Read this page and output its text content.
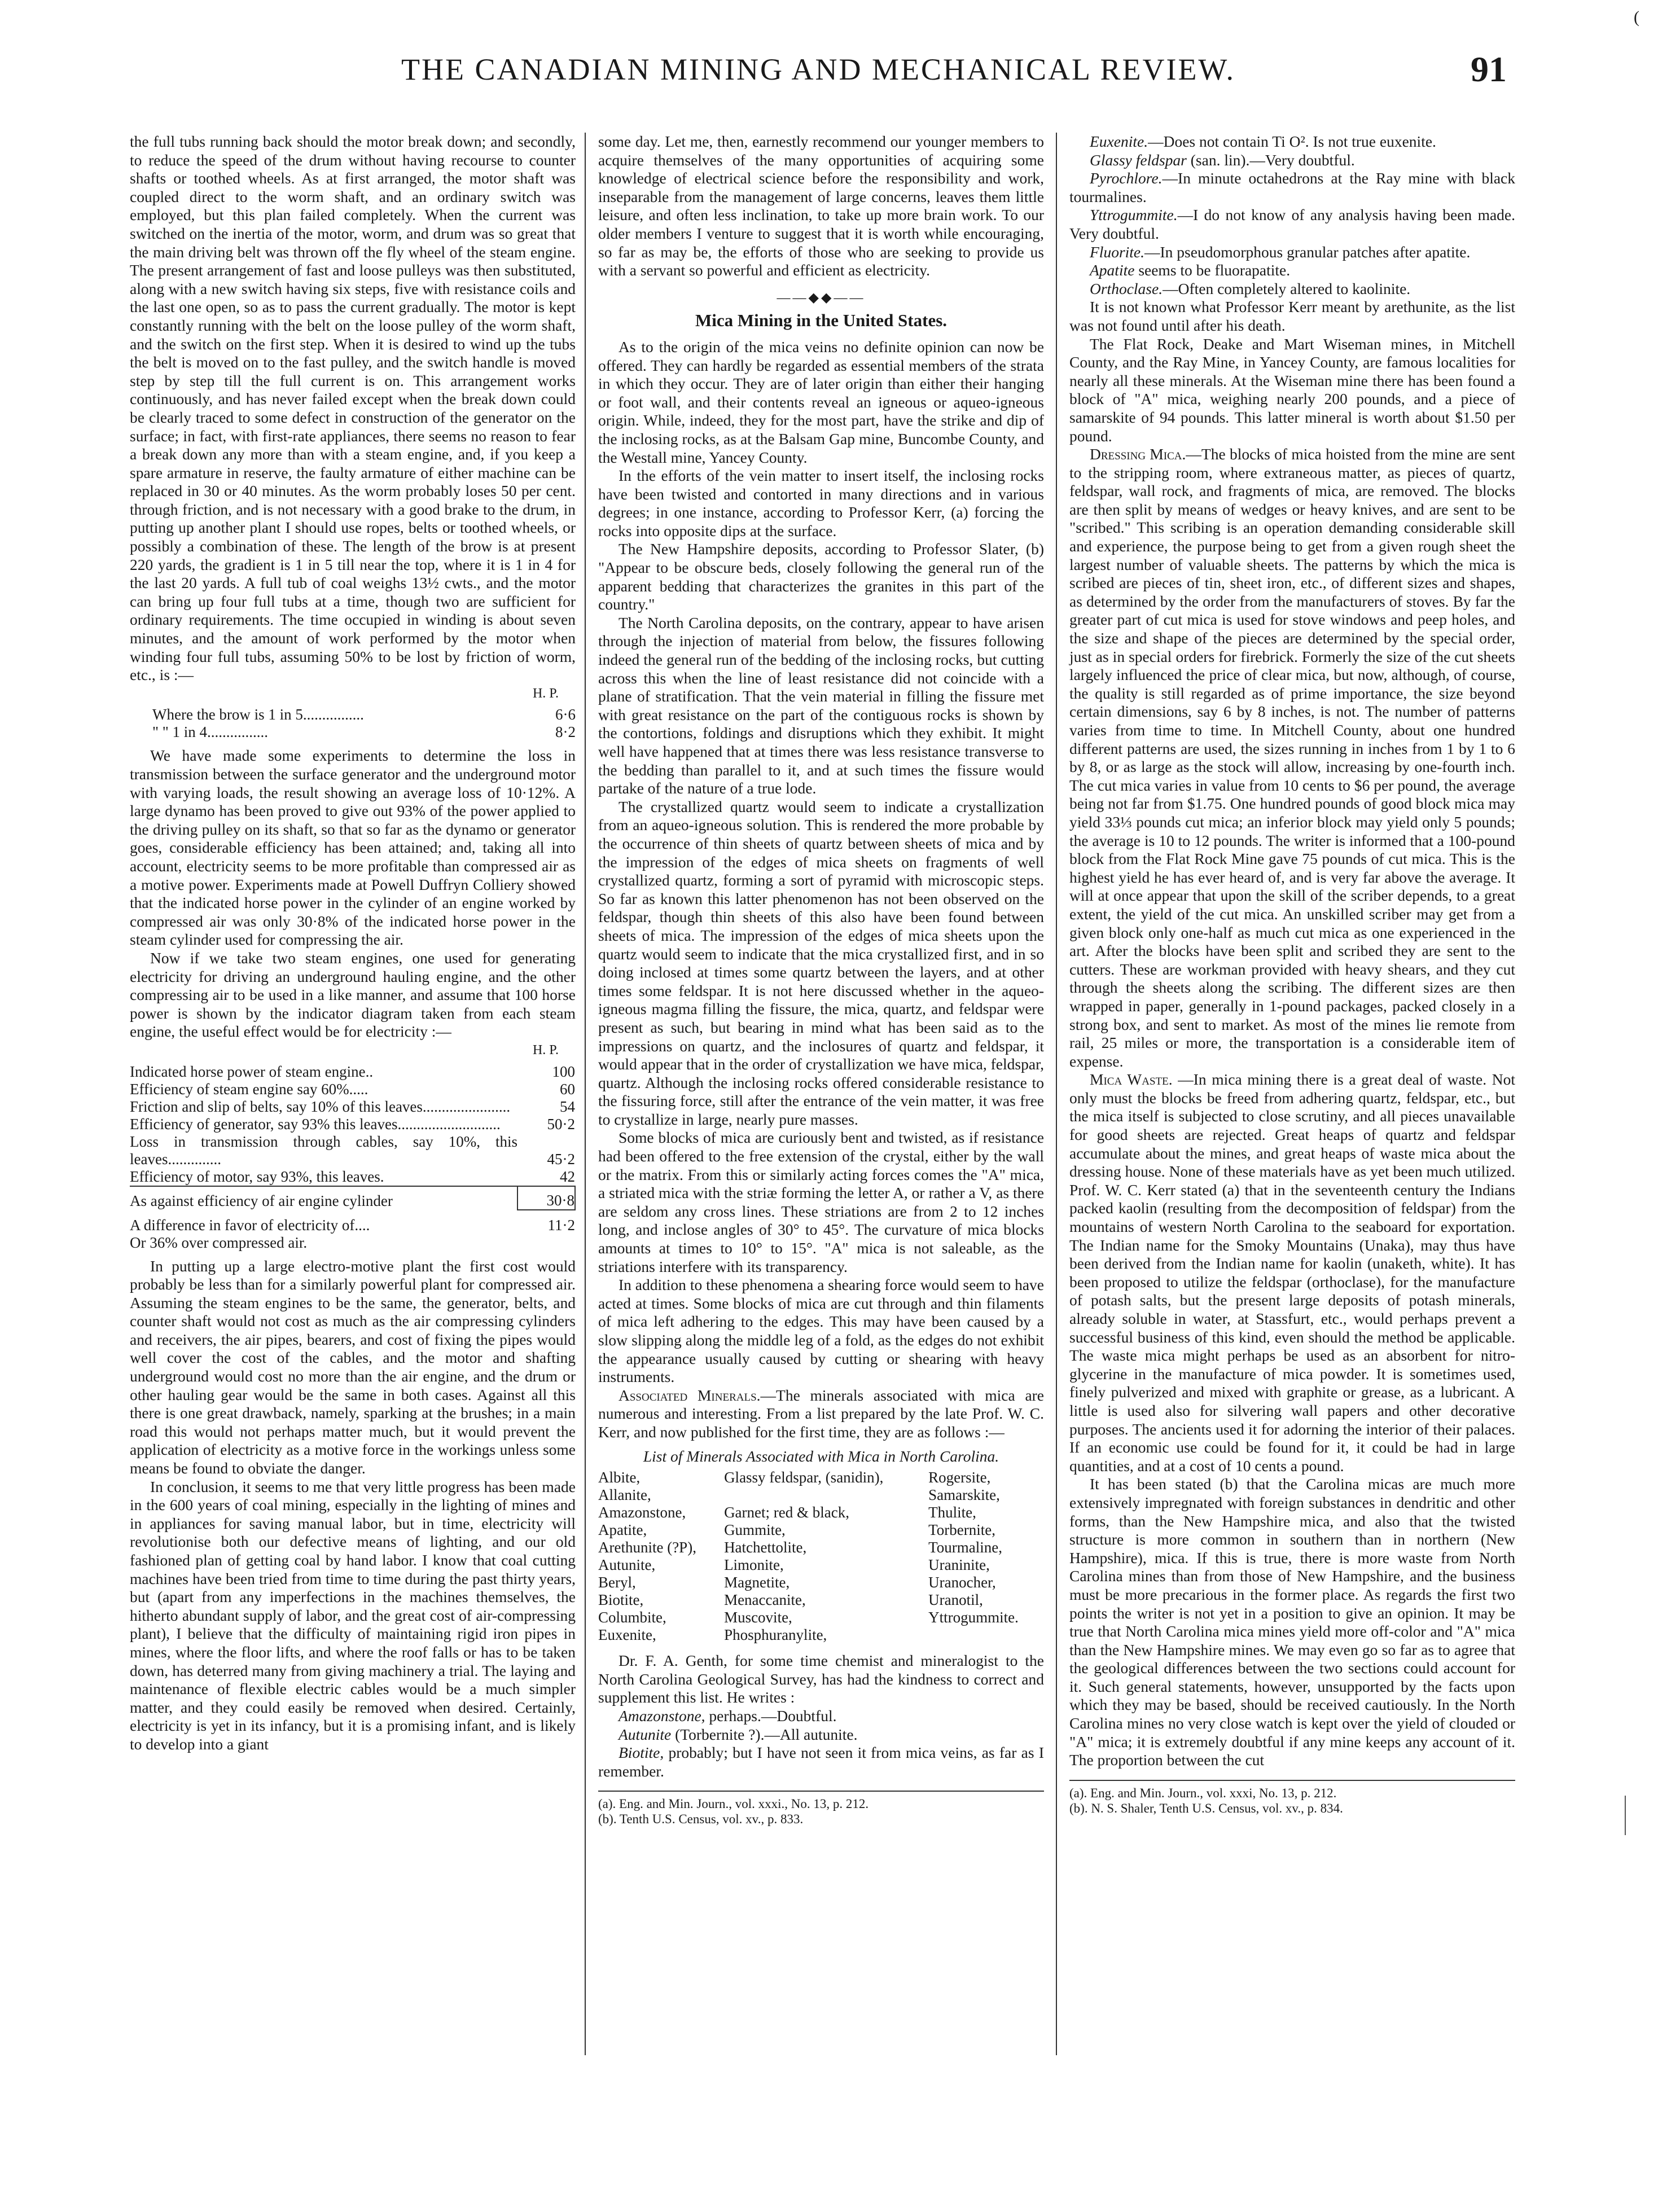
(
THE CANADIAN MINING AND MECHANICAL REVIEW.	91

the full tubs running back should the motor break down; and secondly, to reduce the speed of the drum without having recourse to counter shafts or toothed wheels. As at first arranged, the motor shaft was coupled direct to the worm shaft, and an ordinary switch was employed, but this plan failed completely. When the current was switched on the inertia of the motor, worm, and drum was so great that the main driving belt was thrown off the fly wheel of the steam engine. The present arrangement of fast and loose pulleys was then substituted, along with a new switch having six steps, five with resistance coils and the last one open, so as to pass the current gradually. The motor is kept constantly running with the belt on the loose pulley of the worm shaft, and the switch on the first step. When it is desired to wind up the tubs the belt is moved on to the fast pulley, and the switch handle is moved step by step till the full current is on. This arrangement works continuously, and has never failed except when the break down could be clearly traced to some defect in construction of the generator on the surface; in fact, with first-rate appliances, there seems no reason to fear a break down any more than with a steam engine, and, if you keep a spare armature in reserve, the faulty armature of either machine can be replaced in 30 or 40 minutes. As the worm probably loses 50 per cent. through friction, and is not necessary with a good brake to the drum, in putting up another plant I should use ropes, belts or toothed wheels, or possibly a combination of these. The length of the brow is at present 220 yards, the gradient is 1 in 5 till near the top, where it is 1 in 4 for the last 20 yards. A full tub of coal weighs 13½ cwts., and the motor can bring up four full tubs at a time, though two are sufficient for ordinary requirements. The time occupied in winding is about seven minutes, and the amount of work performed by the motor when winding four full tubs, assuming 50% to be lost by friction of worm, etc., is :—

H. P.
Where the brow is 1 in 5................	6·6
" " 1 in 4................	8·2

We have made some experiments to determine the loss in transmission between the surface generator and the underground motor with varying loads, the result showing an average loss of 10·12%. A large dynamo has been proved to give out 93% of the power applied to the driving pulley on its shaft, so that so far as the dynamo or generator goes, considerable efficiency has been attained; and, taking all into account, electricity seems to be more profitable than compressed air as a motive power. Experiments made at Powell Duffryn Colliery showed that the indicated horse power in the cylinder of an engine worked by compressed air was only 30·8% of the indicated horse power in the steam cylinder used for compressing the air.

Now if we take two steam engines, one used for generating electricity for driving an underground hauling engine, and the other compressing air to be used in a like manner, and assume that 100 horse power is shown by the indicator diagram taken from each steam engine, the useful effect would be for electricity :—

H. P.
Indicated horse power of steam engine..	100
Efficiency of steam engine say 60%.....	60
Friction and slip of belts, say 10% of this leaves.......................	54
Efficiency of generator, say 93% this leaves...........................	50·2
Loss in transmission through cables, say 10%, this leaves..............	45·2
Efficiency of motor, say 93%, this leaves.	42
As against efficiency of air engine cylinder	30·8
A difference in favor of electricity of....	11·2
Or 36% over compressed air.	

In putting up a large electro-motive plant the first cost would probably be less than for a similarly powerful plant for compressed air. Assuming the steam engines to be the same, the generator, belts, and counter shaft would not cost as much as the air compressing cylinders and receivers, the air pipes, bearers, and cost of fixing the pipes would well cover the cost of the cables, and the motor and shafting underground would cost no more than the air engine, and the drum or other hauling gear would be the same in both cases. Against all this there is one great drawback, namely, sparking at the brushes; in a main road this would not perhaps matter much, but it would prevent the application of electricity as a motive force in the workings unless some means be found to obviate the danger.

In conclusion, it seems to me that very little progress has been made in the 600 years of coal mining, especially in the lighting of mines and in appliances for saving manual labor, but in time, electricity will revolutionise both our defective means of lighting, and our old fashioned plan of getting coal by hand labor. I know that coal cutting machines have been tried from time to time during the past thirty years, but (apart from any imperfections in the machines themselves, the hitherto abundant supply of labor, and the great cost of air-compressing plant), I believe that the difficulty of maintaining rigid iron pipes in mines, where the floor lifts, and where the roof falls or has to be taken down, has deterred many from giving machinery a trial. The laying and maintenance of flexible electric cables would be a much simpler matter, and they could easily be removed when desired. Certainly, electricity is yet in its infancy, but it is a promising infant, and is likely to develop into a giant

some day. Let me, then, earnestly recommend our younger members to acquire themselves of the many opportunities of acquiring some knowledge of electrical science before the responsibility and work, inseparable from the management of large concerns, leaves them little leisure, and often less inclination, to take up more brain work. To our older members I venture to suggest that it is worth while encouraging, so far as may be, the efforts of those who are seeking to provide us with a servant so powerful and efficient as electricity.

——◆◆——
Mica Mining in the United States.

As to the origin of the mica veins no definite opinion can now be offered. They can hardly be regarded as essential members of the strata in which they occur. They are of later origin than either their hanging or foot wall, and their contents reveal an igneous or aqueo-igneous origin. While, indeed, they for the most part, have the strike and dip of the inclosing rocks, as at the Balsam Gap mine, Buncombe County, and the Westall mine, Yancey County.

In the efforts of the vein matter to insert itself, the inclosing rocks have been twisted and contorted in many directions and in various degrees; in one instance, according to Professor Kerr, (a) forcing the rocks into opposite dips at the surface.

The New Hampshire deposits, according to Professor Slater, (b) "Appear to be obscure beds, closely following the general run of the apparent bedding that characterizes the granites in this part of the country."

The North Carolina deposits, on the contrary, appear to have arisen through the injection of material from below, the fissures following indeed the general run of the bedding of the inclosing rocks, but cutting across this when the line of least resistance did not coincide with a plane of stratification. That the vein material in filling the fissure met with great resistance on the part of the contiguous rocks is shown by the contortions, foldings and disruptions which they exhibit. It might well have happened that at times there was less resistance transverse to the bedding than parallel to it, and at such times the fissure would partake of the nature of a true lode.

The crystallized quartz would seem to indicate a crystallization from an aqueo-igneous solution. This is rendered the more probable by the occurrence of thin sheets of quartz between sheets of mica and by the impression of the edges of mica sheets on fragments of well crystallized quartz, forming a sort of pyramid with microscopic steps. So far as known this latter phenomenon has not been observed on the feldspar, though thin sheets of this also have been found between sheets of mica. The impression of the edges of mica sheets upon the quartz would seem to indicate that the mica crystallized first, and in so doing inclosed at times some quartz between the layers, and at other times some feldspar. It is not here discussed whether in the aqueo-igneous magma filling the fissure, the mica, quartz, and feldspar were present as such, but bearing in mind what has been said as to the impressions on quartz, and the inclosures of quartz and feldspar, it would appear that in the order of crystallization we have mica, feldspar, quartz. Although the inclosing rocks offered considerable resistance to the fissuring force, still after the entrance of the vein matter, it was free to crystallize in large, nearly pure masses.

Some blocks of mica are curiously bent and twisted, as if resistance had been offered to the free extension of the crystal, either by the wall or the matrix. From this or similarly acting forces comes the "A" mica, a striated mica with the striæ forming the letter A, or rather a V, as there are seldom any cross lines. These striations are from 2 to 12 inches long, and inclose angles of 30° to 45°. The curvature of mica blocks amounts at times to 10° to 15°. "A" mica is not saleable, as the striations interfere with its transparency.

In addition to these phenomena a shearing force would seem to have acted at times. Some blocks of mica are cut through and thin filaments of mica left adhering to the edges. This may have been caused by a slow slipping along the middle leg of a fold, as the edges do not exhibit the appearance usually caused by cutting or shearing with heavy instruments.

Associated Minerals.—The minerals associated with mica are numerous and interesting. From a list prepared by the late Prof. W. C. Kerr, and now published for the first time, they are as follows :—

List of Minerals Associated with Mica in North Carolina.
Albite,	Glassy feldspar, (sanidin),	Rogersite,
Allanite,		Samarskite,
Amazonstone,	Garnet; red & black,	Thulite,
Apatite,	Gummite,	Torbernite,
Arethunite (?P),	Hatchettolite,	Tourmaline,
Autunite,	Limonite,	Uraninite,
Beryl,	Magnetite,	Uranocher,
Biotite,	Menaccanite,	Uranotil,
Columbite,	Muscovite,	Yttrogummite.
Euxenite,	Phosphuranylite,	

Dr. F. A. Genth, for some time chemist and mineralogist to the North Carolina Geological Survey, has had the kindness to correct and supplement this list. He writes :

Amazonstone, perhaps.—Doubtful.

Autunite (Torbernite ?).—All autunite.

Biotite, probably; but I have not seen it from mica veins, as far as I remember.

(a). Eng. and Min. Journ., vol. xxxi., No. 13, p. 212.

(b). Tenth U.S. Census, vol. xv., p. 833.

Euxenite.—Does not contain Ti O². Is not true euxenite.

Glassy feldspar (san. lin).—Very doubtful.

Pyrochlore.—In minute octahedrons at the Ray mine with black tourmalines.

Yttrogummite.—I do not know of any analysis having been made. Very doubtful.

Fluorite.—In pseudomorphous granular patches after apatite.

Apatite seems to be fluorapatite.

Orthoclase.—Often completely altered to kaolinite.

It is not known what Professor Kerr meant by arethunite, as the list was not found until after his death.

The Flat Rock, Deake and Mart Wiseman mines, in Mitchell County, and the Ray Mine, in Yancey County, are famous localities for nearly all these minerals. At the Wiseman mine there has been found a block of "A" mica, weighing nearly 200 pounds, and a piece of samarskite of 94 pounds. This latter mineral is worth about $1.50 per pound.

Dressing Mica.—The blocks of mica hoisted from the mine are sent to the stripping room, where extraneous matter, as pieces of quartz, feldspar, wall rock, and fragments of mica, are removed. The blocks are then split by means of wedges or heavy knives, and are sent to be "scribed." This scribing is an operation demanding considerable skill and experience, the purpose being to get from a given rough sheet the largest number of valuable sheets. The patterns by which the mica is scribed are pieces of tin, sheet iron, etc., of different sizes and shapes, as determined by the order from the manufacturers of stoves. By far the greater part of cut mica is used for stove windows and peep holes, and the size and shape of the pieces are determined by the special order, just as in special orders for firebrick. Formerly the size of the cut sheets largely influenced the price of clear mica, but now, although, of course, the quality is still regarded as of prime importance, the size beyond certain dimensions, say 6 by 8 inches, is not. The number of patterns varies from time to time. In Mitchell County, about one hundred different patterns are used, the sizes running in inches from 1 by 1 to 6 by 8, or as large as the stock will allow, increasing by one-fourth inch. The cut mica varies in value from 10 cents to $6 per pound, the average being not far from $1.75. One hundred pounds of good block mica may yield 33⅓ pounds cut mica; an inferior block may yield only 5 pounds; the average is 10 to 12 pounds. The writer is informed that a 100-pound block from the Flat Rock Mine gave 75 pounds of cut mica. This is the highest yield he has ever heard of, and is very far above the average. It will at once appear that upon the skill of the scriber depends, to a great extent, the yield of the cut mica. An unskilled scriber may get from a given block only one-half as much cut mica as one experienced in the art. After the blocks have been split and scribed they are sent to the cutters. These are workman provided with heavy shears, and they cut through the sheets along the scribing. The different sizes are then wrapped in paper, generally in 1-pound packages, packed closely in a strong box, and sent to market. As most of the mines lie remote from rail, 25 miles or more, the transportation is a considerable item of expense.

Mica Waste. —In mica mining there is a great deal of waste. Not only must the blocks be freed from adhering quartz, feldspar, etc., but the mica itself is subjected to close scrutiny, and all pieces unavailable for good sheets are rejected. Great heaps of quartz and feldspar accumulate about the mines, and great heaps of waste mica about the dressing house. None of these materials have as yet been much utilized. Prof. W. C. Kerr stated (a) that in the seventeenth century the Indians packed kaolin (resulting from the decomposition of feldspar) from the mountains of western North Carolina to the seaboard for exportation. The Indian name for the Smoky Mountains (Unaka), may thus have been derived from the Indian name for kaolin (unaketh, white). It has been proposed to utilize the feldspar (orthoclase), for the manufacture of potash salts, but the present large deposits of potash minerals, already soluble in water, at Stassfurt, etc., would perhaps prevent a successful business of this kind, even should the method be applicable. The waste mica might perhaps be used as an absorbent for nitro-glycerine in the manufacture of mica powder. It is sometimes used, finely pulverized and mixed with graphite or grease, as a lubricant. A little is used also for silvering wall papers and other decorative purposes. The ancients used it for adorning the interior of their palaces. If an economic use could be found for it, it could be had in large quantities, and at a cost of 10 cents a pound.

It has been stated (b) that the Carolina micas are much more extensively impregnated with foreign substances in dendritic and other forms, than the New Hampshire mica, and also that the twisted structure is more common in southern than in northern (New Hampshire), mica. If this is true, there is more waste from North Carolina mines than from those of New Hampshire, and the business must be more precarious in the former place. As regards the first two points the writer is not yet in a position to give an opinion. It may be true that North Carolina mica mines yield more off-color and "A" mica than the New Hampshire mines. We may even go so far as to agree that the geological differences between the two sections could account for it. Such general statements, however, unsupported by the facts upon which they may be based, should be received cautiously. In the North Carolina mines no very close watch is kept over the yield of clouded or "A" mica; it is extremely doubtful if any mine keeps any account of it. The proportion between the cut

(a). Eng. and Min. Journ., vol. xxxi, No. 13, p. 212.

(b). N. S. Shaler, Tenth U.S. Census, vol. xv., p. 834.
